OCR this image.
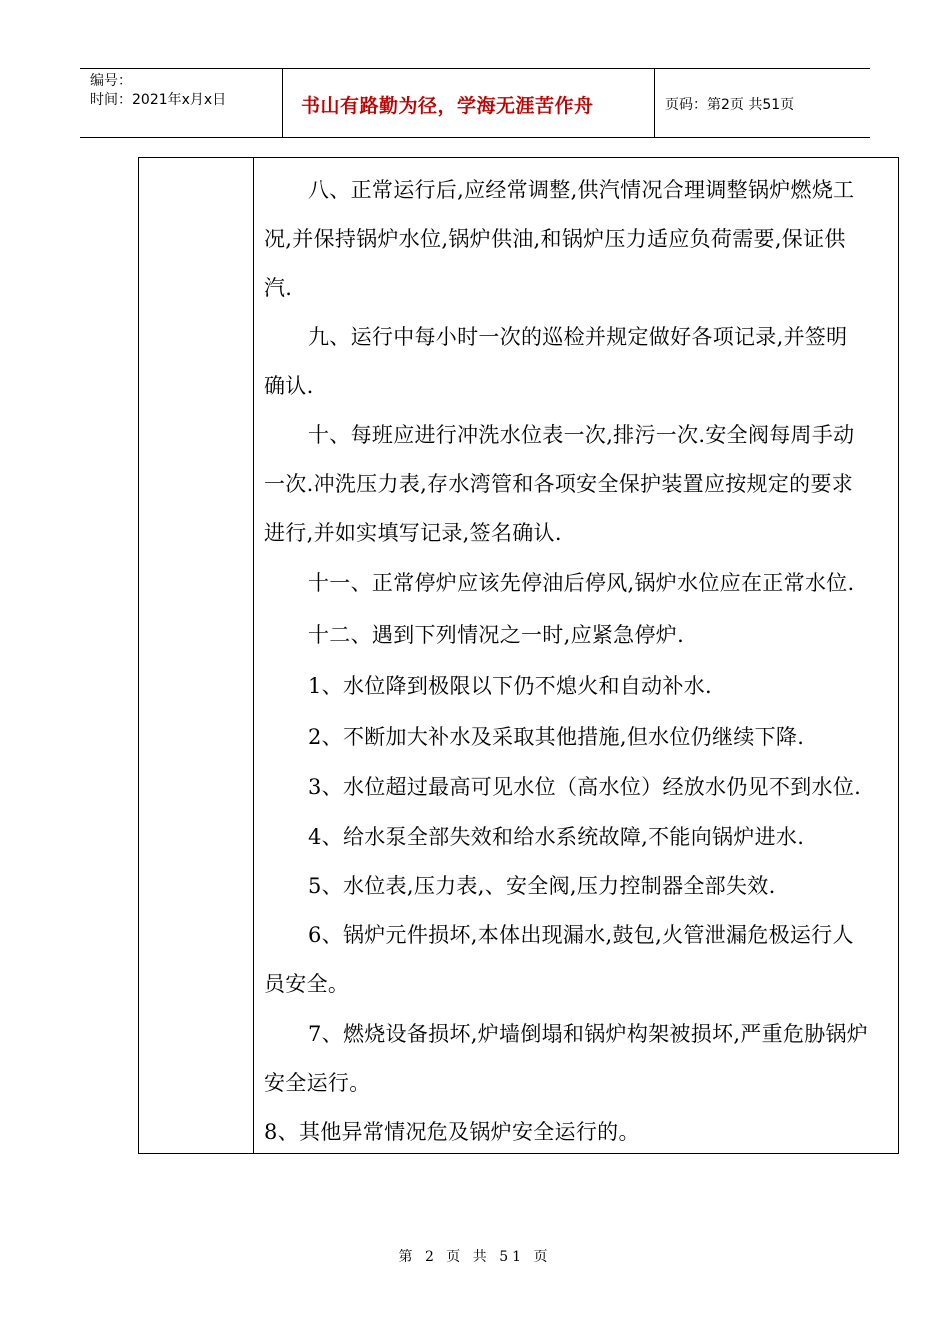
编号：
时间：2021年x月x日	书山有路勤为径，学海无涯苦作舟	页码：第2页 共51页
八、正常运行后,应经常调整,供汽情况合理调整锅炉燃烧工
况,并保持锅炉水位,锅炉供油,和锅炉压力适应负荷需要,保证供
汽.
九、运行中每小时一次的巡检并规定做好各项记录,并签明
确认.
十、每班应进行冲洗水位表一次,排污一次.安全阀每周手动
一次.冲洗压力表,存水湾管和各项安全保护装置应按规定的要求
进行,并如实填写记录,签名确认.
十一、正常停炉应该先停油后停风,锅炉水位应在正常水位.
十二、遇到下列情况之一时,应紧急停炉.
1、水位降到极限以下仍不熄火和自动补水.
2、不断加大补水及采取其他措施,但水位仍继续下降.
3、水位超过最高可见水位（高水位）经放水仍见不到水位.
4、给水泵全部失效和给水系统故障,不能向锅炉进水.
5、水位表,压力表,、安全阀,压力控制器全部失效.
6、锅炉元件损坏,本体出现漏水,鼓包,火管泄漏危极运行人
员安全。
7、燃烧设备损坏,炉墙倒塌和锅炉构架被损坏,严重危胁锅炉
安全运行。
8、其他异常情况危及锅炉安全运行的。
第 2 页 共 51 页
